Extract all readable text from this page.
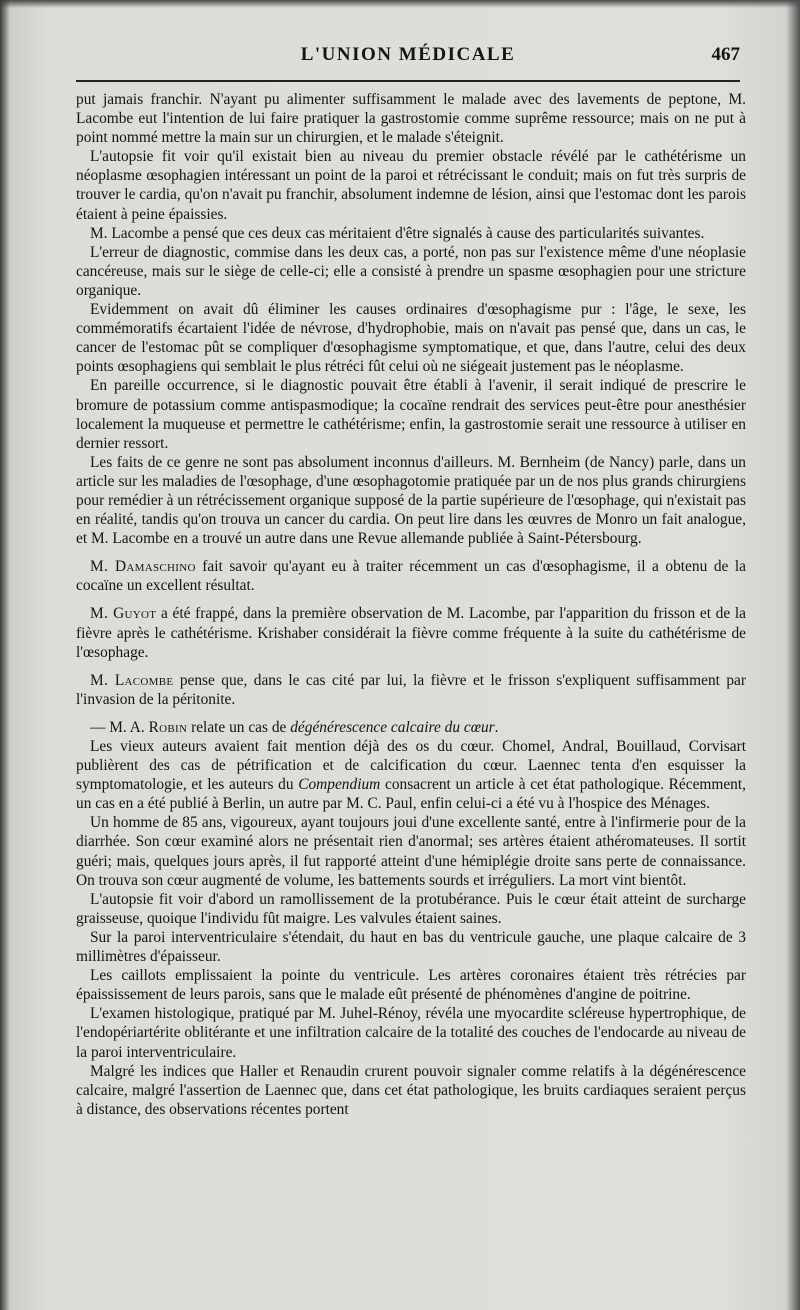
L'UNION MÉDICALE	467

put jamais franchir. N'ayant pu alimenter suffisamment le malade avec des lavements de peptone, M. Lacombe eut l'intention de lui faire pratiquer la gastrostomie comme suprême ressource; mais on ne put à point nommé mettre la main sur un chirurgien, et le malade s'éteignit.

L'autopsie fit voir qu'il existait bien au niveau du premier obstacle révélé par le cathétérisme un néoplasme œsophagien intéressant un point de la paroi et rétrécissant le conduit; mais on fut très surpris de trouver le cardia, qu'on n'avait pu franchir, absolument indemne de lésion, ainsi que l'estomac dont les parois étaient à peine épaissies.

M. Lacombe a pensé que ces deux cas méritaient d'être signalés à cause des particularités suivantes.

L'erreur de diagnostic, commise dans les deux cas, a porté, non pas sur l'existence même d'une néoplasie cancéreuse, mais sur le siège de celle-ci; elle a consisté à prendre un spasme œsophagien pour une stricture organique.

Evidemment on avait dû éliminer les causes ordinaires d'œsophagisme pur : l'âge, le sexe, les commémoratifs écartaient l'idée de névrose, d'hydrophobie, mais on n'avait pas pensé que, dans un cas, le cancer de l'estomac pût se compliquer d'œsophagisme symptomatique, et que, dans l'autre, celui des deux points œsophagiens qui semblait le plus rétréci fût celui où ne siégeait justement pas le néoplasme.

En pareille occurrence, si le diagnostic pouvait être établi à l'avenir, il serait indiqué de prescrire le bromure de potassium comme antispasmodique; la cocaïne rendrait des services peut-être pour anesthésier localement la muqueuse et permettre le cathétérisme; enfin, la gastrostomie serait une ressource à utiliser en dernier ressort.

Les faits de ce genre ne sont pas absolument inconnus d'ailleurs. M. Bernheim (de Nancy) parle, dans un article sur les maladies de l'œsophage, d'une œsophagotomie pratiquée par un de nos plus grands chirurgiens pour remédier à un rétrécissement organique supposé de la partie supérieure de l'œsophage, qui n'existait pas en réalité, tandis qu'on trouva un cancer du cardia. On peut lire dans les œuvres de Monro un fait analogue, et M. Lacombe en a trouvé un autre dans une Revue allemande publiée à Saint-Pétersbourg.

M. Damaschino fait savoir qu'ayant eu à traiter récemment un cas d'œsophagisme, il a obtenu de la cocaïne un excellent résultat.

M. Guyot a été frappé, dans la première observation de M. Lacombe, par l'apparition du frisson et de la fièvre après le cathétérisme. Krishaber considérait la fièvre comme fréquente à la suite du cathétérisme de l'œsophage.

M. Lacombe pense que, dans le cas cité par lui, la fièvre et le frisson s'expliquent suffisamment par l'invasion de la péritonite.

— M. A. Robin relate un cas de dégénérescence calcaire du cœur.

Les vieux auteurs avaient fait mention déjà des os du cœur. Chomel, Andral, Bouillaud, Corvisart publièrent des cas de pétrification et de calcification du cœur. Laennec tenta d'en esquisser la symptomatologie, et les auteurs du Compendium consacrent un article à cet état pathologique. Récemment, un cas en a été publié à Berlin, un autre par M. C. Paul, enfin celui-ci a été vu à l'hospice des Ménages.

Un homme de 85 ans, vigoureux, ayant toujours joui d'une excellente santé, entre à l'infirmerie pour de la diarrhée. Son cœur examiné alors ne présentait rien d'anormal; ses artères étaient athéromateuses. Il sortit guéri; mais, quelques jours après, il fut rapporté atteint d'une hémiplégie droite sans perte de connaissance. On trouva son cœur augmenté de volume, les battements sourds et irréguliers. La mort vint bientôt.

L'autopsie fit voir d'abord un ramollissement de la protubérance. Puis le cœur était atteint de surcharge graisseuse, quoique l'individu fût maigre. Les valvules étaient saines.

Sur la paroi interventriculaire s'étendait, du haut en bas du ventricule gauche, une plaque calcaire de 3 millimètres d'épaisseur.

Les caillots emplissaient la pointe du ventricule. Les artères coronaires étaient très rétrécies par épaississement de leurs parois, sans que le malade eût présenté de phénomènes d'angine de poitrine.

L'examen histologique, pratiqué par M. Juhel-Rénoy, révéla une myocardite scléreuse hypertrophique, de l'endopériartérite oblitérante et une infiltration calcaire de la totalité des couches de l'endocarde au niveau de la paroi interventriculaire.

Malgré les indices que Haller et Renaudin crurent pouvoir signaler comme relatifs à la dégénérescence calcaire, malgré l'assertion de Laennec que, dans cet état pathologique, les bruits cardiaques seraient perçus à distance, des observations récentes portent
